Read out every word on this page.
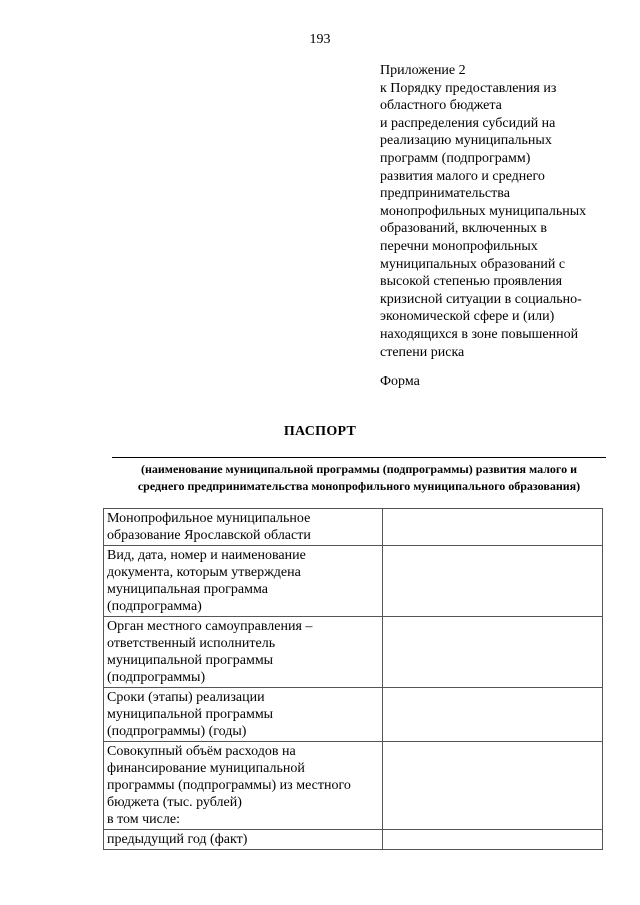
193
Приложение 2
к Порядку предоставления из
областного бюджета
и распределения субсидий на
реализацию муниципальных
программ (подпрограмм)
развития малого и среднего
предпринимательства
монопрофильных муниципальных
образований, включенных в
перечни монопрофильных
муниципальных образований с
высокой степенью проявления
кризисной ситуации в социально-
экономической сфере и (или)
находящихся в зоне повышенной
степени риска
Форма
ПАСПОРТ
(наименование муниципальной программы (подпрограммы) развития малого и
среднего предпринимательства монопрофильного муниципального образования)
Монопрофильное муниципальное
образование Ярославской области	

Вид, дата, номер и наименование
документа, которым утверждена
муниципальная программа
(подпрограмма)	

Орган местного самоуправления –
ответственный исполнитель
муниципальной программы
(подпрограммы)	

Сроки (этапы) реализации
муниципальной программы
(подпрограммы) (годы)	

Совокупный объём расходов на
финансирование муниципальной
программы (подпрограммы) из местного
бюджета (тыс. рублей)
в том числе:	

предыдущий год (факт)	
